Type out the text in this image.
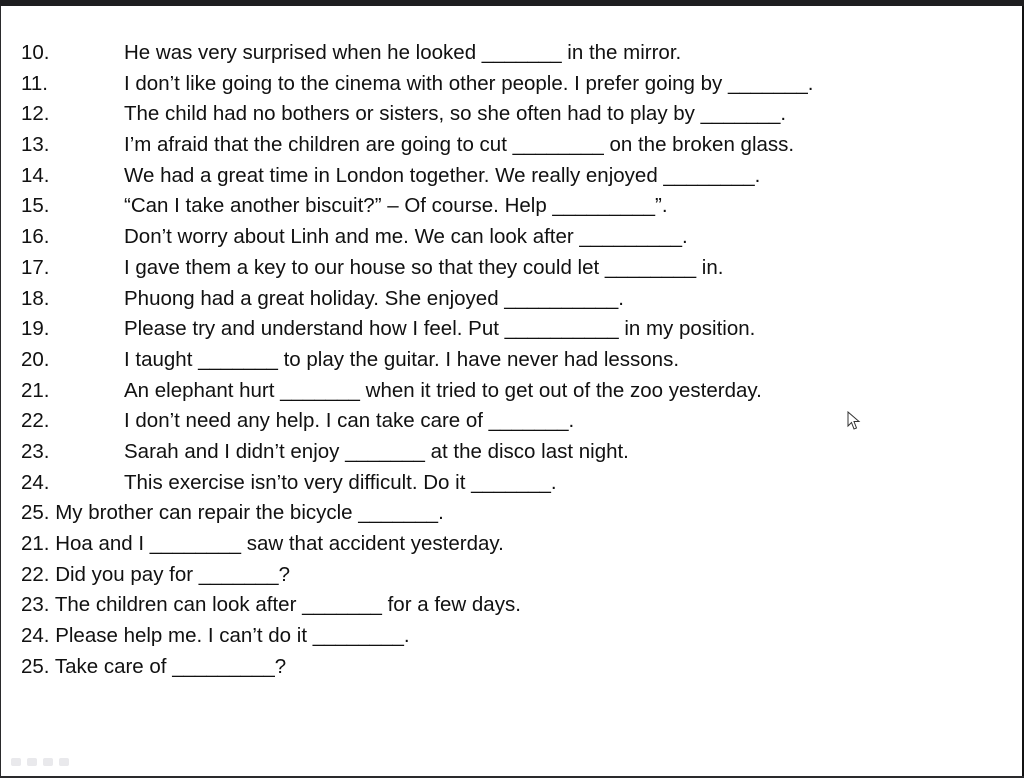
10.	He was very surprised when he looked _______ in the mirror.
11.	I don’t like going to the cinema with other people. I prefer going by _______.
12.	The child had no bothers or sisters, so she often had to play by _______.
13.	I’m afraid that the children are going to cut ________ on the broken glass.
14.	We had a great time in London together. We really enjoyed ________.
15.	“Can I take another biscuit?” – Of course. Help _________”.
16.	Don’t worry about Linh and me. We can look after _________.
17.	I gave them a key to our house so that they could let ________ in.
18.	Phuong had a great holiday. She enjoyed __________.
19.	Please try and understand how I feel. Put __________ in my position.
20.	I taught _______ to play the guitar. I have never had lessons.
21.	An elephant hurt _______ when it tried to get out of the zoo yesterday.
22.	I don’t need any help. I can take care of _______.
23.	Sarah and I didn’t enjoy _______ at the disco last night.
24.	This exercise isn’to very difficult. Do it _______.
25. My brother can repair the bicycle _______.
21. Hoa and I ________ saw that accident yesterday.
22. Did you pay for _______?
23. The children can look after _______ for a few days.
24. Please help me. I can’t do it ________.
25. Take care of _________?
